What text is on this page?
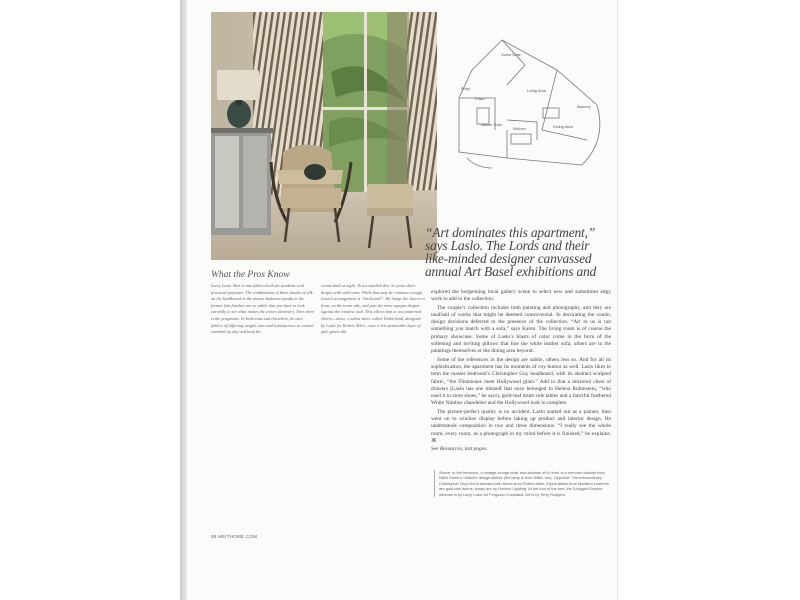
Guest Suite
Entry
Foyer
Living Area
Balcony
Master Suite
Kitchen	Dining Area
“Art dominates this apartment,”
says Laslo. The Lords and their
like-minded designer canvassed
annual Art Basel exhibitions and
What the Pros Know
Larry Laslo likes to mix fabrics both for aesthetic and practical purposes. The combination of three shades of silk on the headboard in the master bedroom speaks to the former (the finishes are so subtle that you have to look carefully to see what makes the colors shimmer). Then there is the pragmatic. In bedrooms and elsewhere, he uses fabrics of differing weight, tone and translucence to control sunshine by day and keep the
rooms dark at night. To accomplish this, he pairs sheer drapes with solid ones. While that may be common enough, Laslo’s arrangement is “backward”: He hangs the sheers in front, on the room side, and puts the more opaque drapes against the window wall. This allows him to use patterned sheers—alone, a zebra sheer called Timberland, designed by Laslo for Robert Allen—over a less penetrable layer of pale green silk.

explored the burgeoning local gallery scene to select new and sometimes edgy work to add to the collection.

The couple’s collection includes both painting and photography, and they are unafraid of works that might be deemed controversial. In decorating the condo, design decisions deferred to the presence of the collection. “Art to us is not something you match with a sofa,” says Karen. The living room is of course the primary showcase. Some of Laslo’s blasts of color come in the form of the softening and inviting pillows that line the white leather sofa; others are in the paintings themselves or the dining area beyond.

Some of the references in the design are subtle, others less so. And for all its sophistication, the apartment has its moments of coy humor as well. Laslo likes to term the master bedroom’s Christopher Guy headboard, with its abstract sculpted fabric, “the Flintstones meet Hollywood glam.” Add to that a mirrored chest of drawers (Laslo has one himself that once belonged to Helena Rubinstein, “who used it to store shoes,” he says), gold-leaf drum side tables and a fanciful feathered White Nimbus chandelier and the Hollywood look is complete.

The picture-perfect quality is no accident. Laslo started out as a painter, then went on to window display before taking up product and interior design. He understands composition in two and three dimensions. “I really see the whole room, every room, as a photograph in my mind before it is finished,” he explains. ⌘

See Resources, last pages.
Above: In the bedroom, a vintage lounge chair and ottoman sit in front of a mirrored cabinet from NIBA Home in Miami’s design district (the lamp is from NIBA, too). Opposite: The extraordinary Christopher Guy bed is dressed with linens from Robert Allen; Elyzia tables from Madison Leathers are gold-leaf drums; lamps are by Horizon Lighting. At the foot of the bed, the 3-legged Dorysia ottoman is by Larry Laslo for Ferguson Copeland. Art is by Terry Rodgers.
98 MEITHOME.COM
